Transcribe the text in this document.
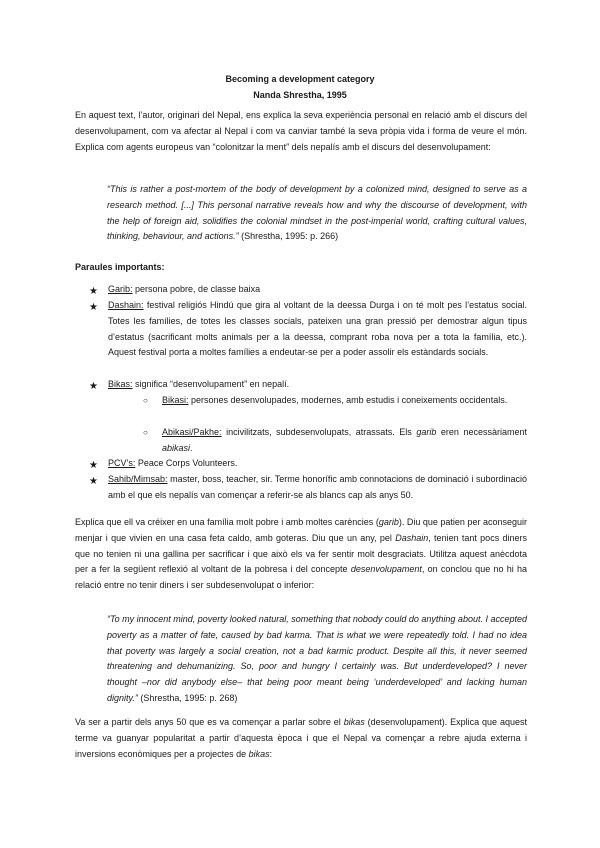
Becoming a development category
Nanda Shrestha, 1995

En aquest text, l’autor, originari del Nepal, ens explica la seva experiència personal en relació amb el discurs del desenvolupament, com va afectar al Nepal i com va canviar també la seva pròpia vida i forma de veure el món. Explica com agents europeus van “colonitzar la ment” dels nepalís amb el discurs del desenvolupament:

“This is rather a post-mortem of the body of development by a colonized mind, designed to serve as a research method. [...] This personal narrative reveals how and why the discourse of development, with the help of foreign aid, solidifies the colonial mindset in the post-imperial world, crafting cultural values, thinking, behaviour, and actions.” (Shrestha, 1995: p. 266)

Paraules importants:
★ Garib: persona pobre, de classe baixa

★ Dashain: festival religiós Hindú que gira al voltant de la deessa Durga i on té molt pes l’estatus social. Totes les famílies, de totes les classes socials, pateixen una gran pressió per demostrar algun tipus d’estatus (sacrificant molts animals per a la deessa, comprant roba nova per a tota la família, etc.). Aquest festival porta a moltes famílies a endeutar-se per a poder assolir els estàndards socials.

★ Bikas: significa “desenvolupament” en nepalí.

○ Bikasi: persones desenvolupades, modernes, amb estudis i coneixements occidentals.

○ Abikasi/Pakhe: incivilitzats, subdesenvolupats, atrassats. Els garib eren necessàriament abikasi.

★ PCV’s: Peace Corps Volunteers.

★ Sahib/Mimsab: master, boss, teacher, sir. Terme honorífic amb connotacions de dominació i subordinació amb el que els nepalís van començar a referir-se als blancs cap als anys 50.

Explica que ell va créixer en una família molt pobre i amb moltes carències (garib). Diu que patien per aconseguir menjar i que vivien en una casa feta caldo, amb goteras. Diu que un any, pel Dashain, tenien tant pocs diners que no tenien ni una gallina per sacrificar i que això els va fer sentir molt desgraciats. Utilitza aquest anècdota per a fer la següent reflexió al voltant de la pobresa i del concepte desenvolupament, on conclou que no hi ha relació entre no tenir diners i ser subdesenvolupat o inferior:

“To my innocent mind, poverty looked natural, something that nobody could do anything about. I accepted poverty as a matter of fate, caused by bad karma. That is what we were repeatedly told. I had no idea that poverty was largely a social creation, not a bad karmic product. Despite all this, it never seemed threatening and dehumanizing. So, poor and hungry I certainly was. But underdeveloped? I never thought –nor did anybody else– that being poor meant being ‘underdeveloped’ and lacking human dignity.” (Shrestha, 1995: p. 268)

Va ser a partir dels anys 50 que es va començar a parlar sobre el bikas (desenvolupament). Explica que aquest terme va guanyar popularitat a partir d’aquesta època i que el Nepal va començar a rebre ajuda externa i inversions econòmiques per a projectes de bikas:
